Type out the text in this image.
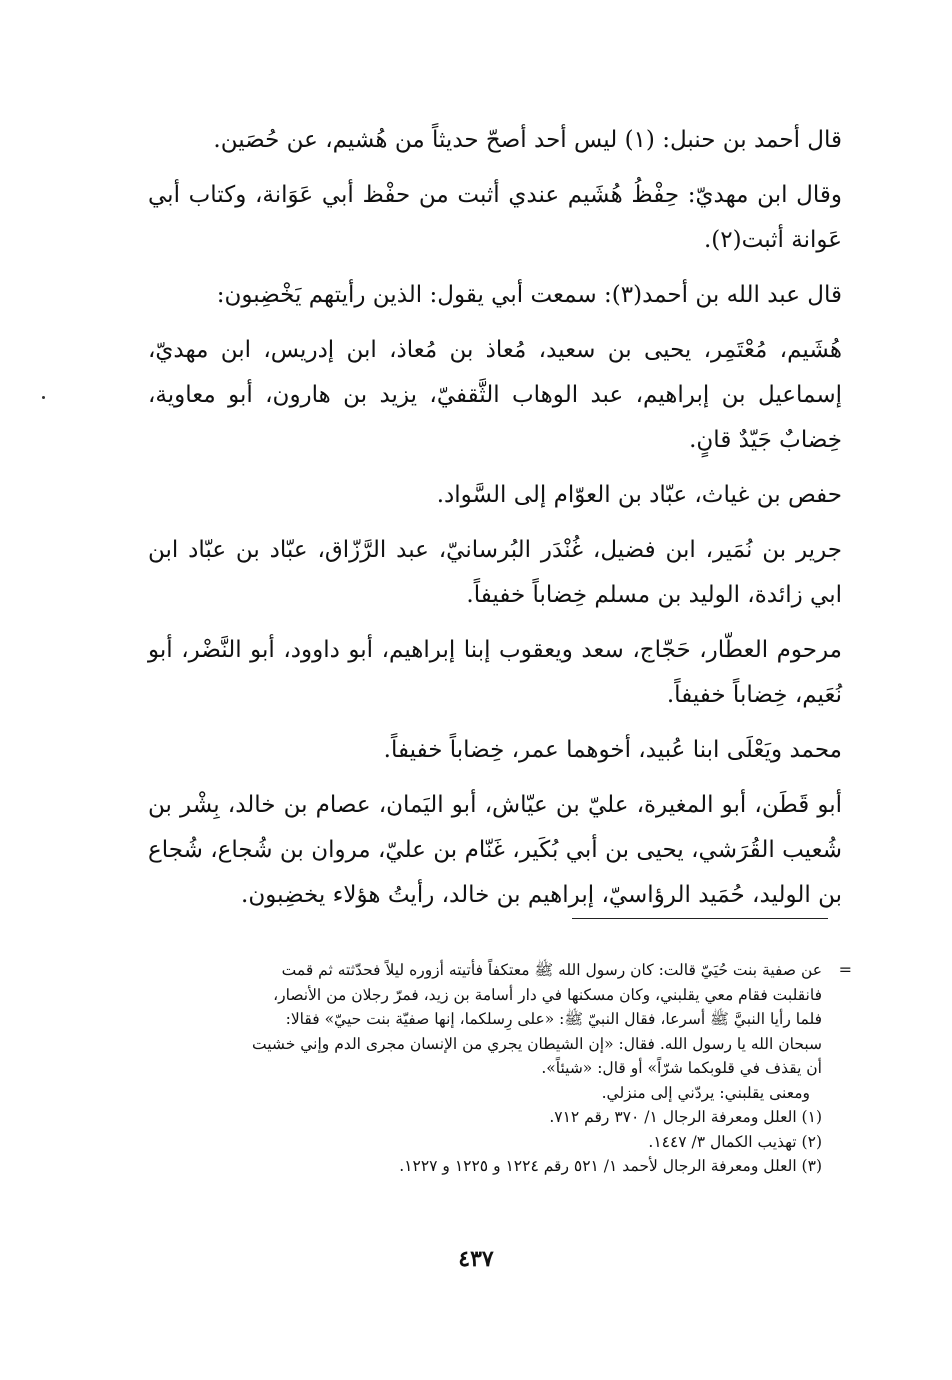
قال أحمد بن حنبل: (١) ليس أحد أصحّ حديثاً من هُشيم، عن حُصَين.

وقال ابن مهديّ: حِفْظُ هُشَيم عندي أثبت من حفْظ أبي عَوَانة، وكتاب أبي عَوانة أثبت(٢).

قال عبد الله بن أحمد(٣): سمعت أبي يقول: الذين رأيتهم يَخْضِبون:

هُشَيم، مُعْتَمِر، يحيى بن سعيد، مُعاذ بن مُعاذ، ابن إدريس، ابن مهديّ، إسماعيل بن إبراهيم، عبد الوهاب الثَّقفيّ، يزيد بن هارون، أبو معاوية، خِضابٌ جَيّدٌ قانٍ.

حفص بن غياث، عبّاد بن العوّام إلى السَّواد.

جرير بن نُمَير، ابن فضيل، غُنْدَر البُرسانيّ، عبد الرَّزّاق، عبّاد بن عبّاد ابن ابي زائدة، الوليد بن مسلم خِضاباً خفيفاً.

مرحوم العطّار، حَجّاج، سعد ويعقوب إبنا إبراهيم، أبو داوود، أبو النَّضْر، أبو نُعَيم، خِضاباً خفيفاً.

محمد ويَعْلَى ابنا عُبيد، أخوهما عمر، خِضاباً خفيفاً.

أبو قَطَن، أبو المغيرة، عليّ بن عيّاش، أبو اليَمان، عصام بن خالد، بِشْر بن شُعيب القُرَشي، يحيى بن أبي بُكَير، غَنّام بن عليّ، مروان بن شُجاع، شُجاع بن الوليد، حُمَيد الرؤاسيّ، إبراهيم بن خالد، رأيتُ هؤلاء يخضِبون.

=
عن صفية بنت حُيَيّ قالت: كان رسول الله ﷺ معتكفاً فأتيته أزوره ليلاً فحدّثته ثم قمت
فانقلبت فقام معي يقلبني، وكان مسكنها في دار أسامة بن زيد، فمرّ رجلان من الأنصار،
فلما رأيا النبيَّ ﷺ أسرعا، فقال النبيّ ﷺ: «على رِسلكما، إنها صفيّة بنت حييّ» فقالا:
سبحان الله يا رسول الله. فقال: «إن الشيطان يجري من الإنسان مجرى الدم وإني خشيت
أن يقذف في قلوبكما شرّاً» أو قال: «شيئاً».
ومعنى يقلبني: يردّني إلى منزلي.
(١) العلل ومعرفة الرجال ١/ ٣٧٠ رقم ٧١٢.
(٢) تهذيب الكمال ٣/ ١٤٤٧.
(٣) العلل ومعرفة الرجال لأحمد ١/ ٥٢١ رقم ١٢٢٤ و ١٢٢٥ و ١٢٢٧.
٤٣٧
